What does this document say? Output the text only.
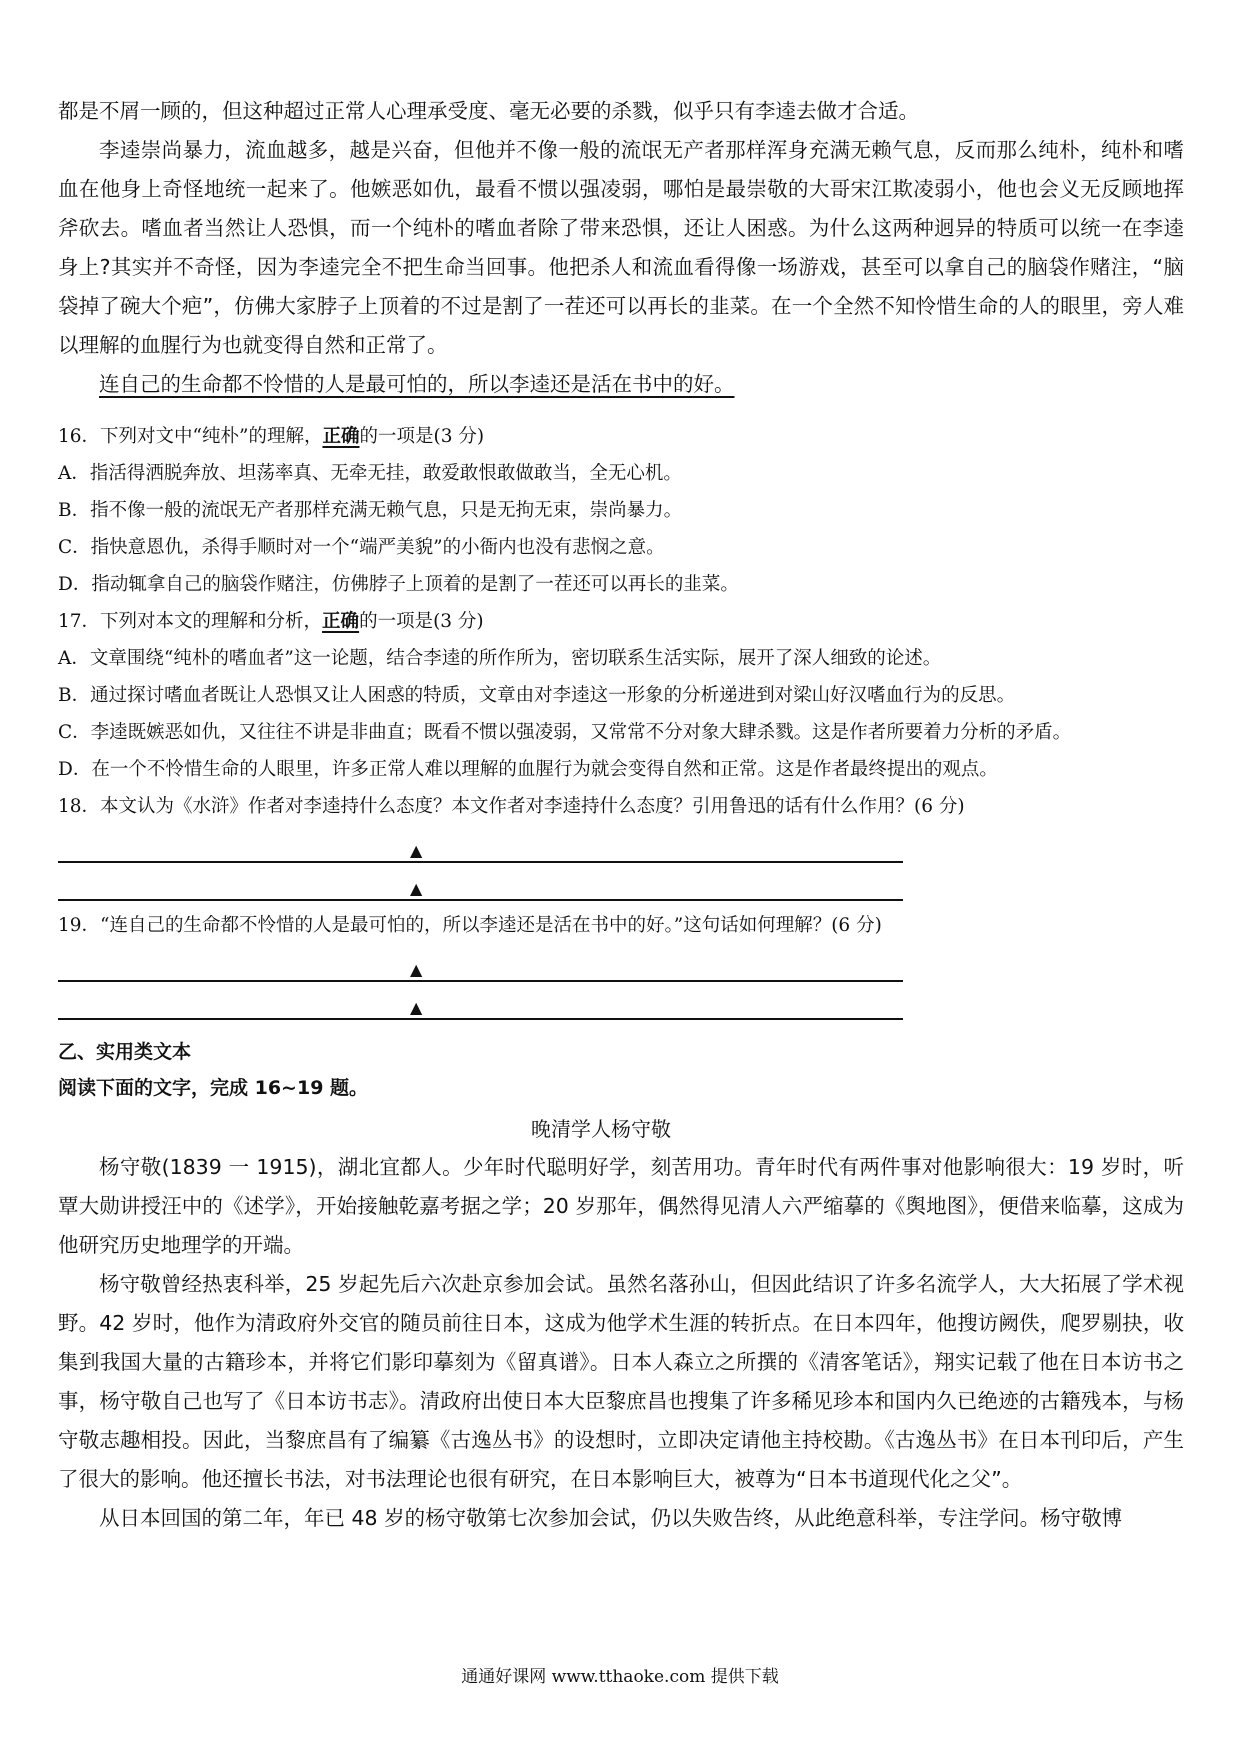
都是不屑一顾的，但这种超过正常人心理承受度、毫无必要的杀戮，似乎只有李逵去做才合适。

李逵崇尚暴力，流血越多，越是兴奋，但他并不像一般的流氓无产者那样浑身充满无赖气息，反而那么纯朴，纯朴和嗜血在他身上奇怪地统一起来了。他嫉恶如仇，最看不惯以强凌弱，哪怕是最崇敬的大哥宋江欺凌弱小，他也会义无反顾地挥斧砍去。嗜血者当然让人恐惧，而一个纯朴的嗜血者除了带来恐惧，还让人困惑。为什么这两种迥异的特质可以统一在李逵身上?其实并不奇怪，因为李逵完全不把生命当回事。他把杀人和流血看得像一场游戏，甚至可以拿自己的脑袋作赌注，“脑袋掉了碗大个疤”，仿佛大家脖子上顶着的不过是割了一茬还可以再长的韭菜。在一个全然不知怜惜生命的人的眼里，旁人难以理解的血腥行为也就变得自然和正常了。

连自己的生命都不怜惜的人是最可怕的，所以李逵还是活在书中的好。

16．下列对文中“纯朴”的理解，正确的一项是(3 分)

A．指活得洒脱奔放、坦荡率真、无牵无挂，敢爱敢恨敢做敢当，全无心机。

B．指不像一般的流氓无产者那样充满无赖气息，只是无拘无束，崇尚暴力。

C．指快意恩仇，杀得手顺时对一个“端严美貌”的小衙内也没有悲悯之意。

D．指动辄拿自己的脑袋作赌注，仿佛脖子上顶着的是割了一茬还可以再长的韭菜。

17．下列对本文的理解和分析，正确的一项是(3 分)

A．文章围绕“纯朴的嗜血者”这一论题，结合李逵的所作所为，密切联系生活实际，展开了深人细致的论述。

B．通过探讨嗜血者既让人恐惧又让人困惑的特质，文章由对李逵这一形象的分析递进到对梁山好汉嗜血行为的反思。

C．李逵既嫉恶如仇，又往往不讲是非曲直；既看不惯以强凌弱，又常常不分对象大肆杀戮。这是作者所要着力分析的矛盾。

D．在一个不怜惜生命的人眼里，许多正常人难以理解的血腥行为就会变得自然和正常。这是作者最终提出的观点。

18．本文认为《水浒》作者对李逵持什么态度？本文作者对李逵持什么态度？引用鲁迅的话有什么作用？(6 分)

▲
▲

19．“连自己的生命都不怜惜的人是最可怕的，所以李逵还是活在书中的好。”这句话如何理解？(6 分)

▲
▲

乙、实用类文本

阅读下面的文字，完成 16~19 题。

晚清学人杨守敬

杨守敬(1839 一 1915)，湖北宜都人。少年时代聪明好学，刻苦用功。青年时代有两件事对他影响很大：19 岁时，听覃大勋讲授汪中的《述学》，开始接触乾嘉考据之学；20 岁那年，偶然得见清人六严缩摹的《舆地图》，便借来临摹，这成为他研究历史地理学的开端。

杨守敬曾经热衷科举，25 岁起先后六次赴京参加会试。虽然名落孙山，但因此结识了许多名流学人，大大拓展了学术视野。42 岁时，他作为清政府外交官的随员前往日本，这成为他学术生涯的转折点。在日本四年，他搜访阙佚，爬罗剔抉，收集到我国大量的古籍珍本，并将它们影印摹刻为《留真谱》。日本人森立之所撰的《清客笔话》，翔实记载了他在日本访书之事，杨守敬自己也写了《日本访书志》。清政府出使日本大臣黎庶昌也搜集了许多稀见珍本和国内久已绝迹的古籍残本，与杨守敬志趣相投。因此，当黎庶昌有了编纂《古逸丛书》的设想时，立即决定请他主持校勘。《古逸丛书》在日本刊印后，产生了很大的影响。他还擅长书法，对书法理论也很有研究，在日本影响巨大，被尊为“日本书道现代化之父”。

从日本回国的第二年，年已 48 岁的杨守敬第七次参加会试，仍以失败告终，从此绝意科举，专注学问。杨守敬博

通通好课网 www.tthaoke.com 提供下载
